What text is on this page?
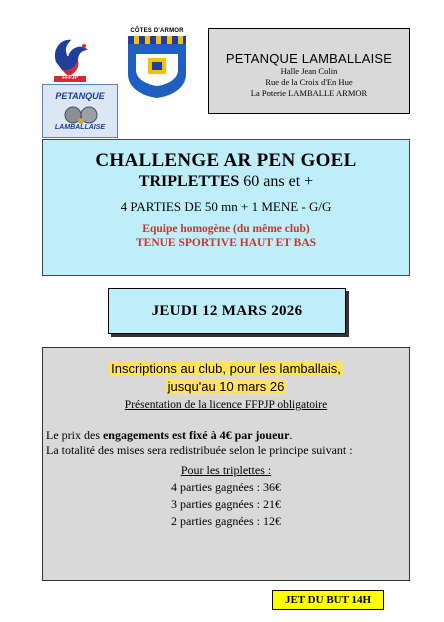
FFPJP
CÔTES D'ARMOR
PETANQUE
LAMBALLAISE
PETANQUE LAMBALLAISE
Halle Jean Colin
Rue de la Croix d'En Hue
La Poterie LAMBALLE ARMOR
CHALLENGE AR PEN GOEL
TRIPLETTES 60 ans et +
4 PARTIES DE 50 mn + 1 MENE - G/G
Equipe homogène (du même club)
TENUE SPORTIVE HAUT ET BAS
JEUDI 12 MARS 2026
Inscriptions au club, pour les lamballais,
jusqu'au 10 mars 26
Présentation de la licence FFPJP obligatoire
Le prix des engagements est fixé à 4€ par joueur.
La totalité des mises sera redistribuée selon le principe suivant :
Pour les triplettes :
4 parties gagnées : 36€
3 parties gagnées : 21€
2 parties gagnées : 12€
JET DU BUT 14H
